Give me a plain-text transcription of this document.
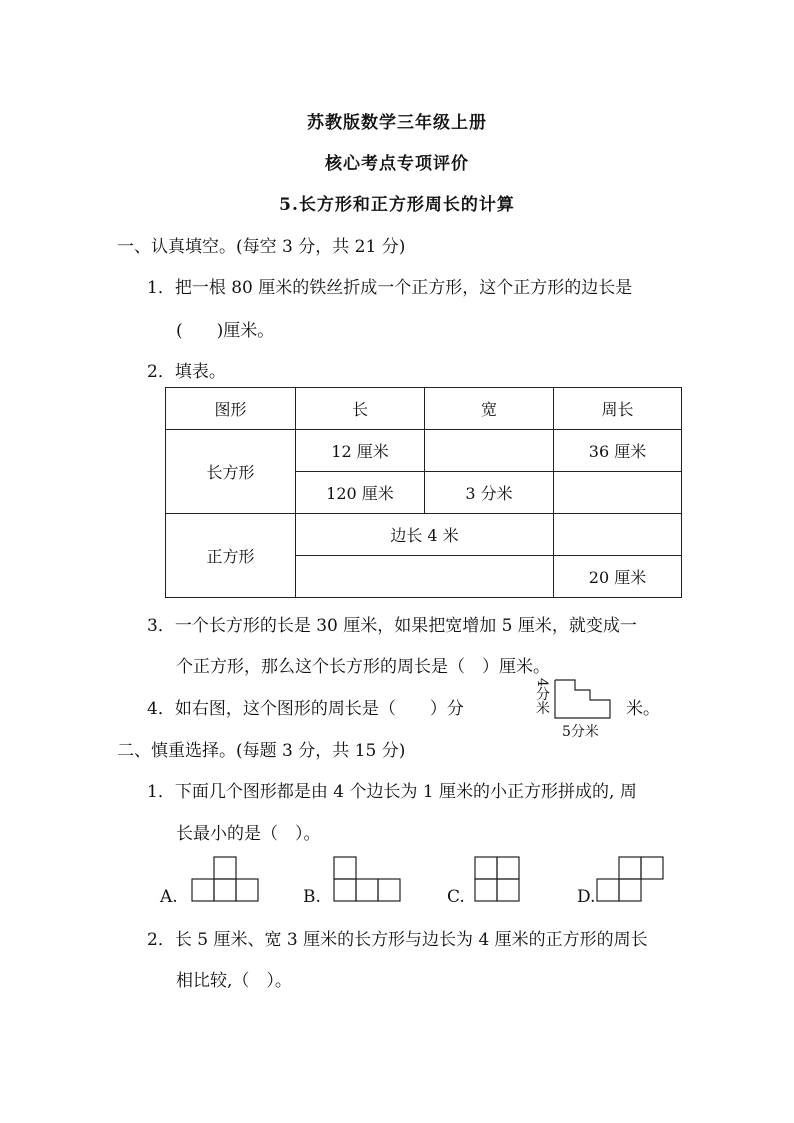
苏教版数学三年级上册
核心考点专项评价
5.长方形和正方形周长的计算
一、认真填空。(每空 3 分，共 21 分)
1．把一根 80 厘米的铁丝折成一个正方形，这个正方形的边长是
(　　)厘米。
2．填表。
图形	长	宽	周长
长方形	12 厘米		36 厘米
	120 厘米	3 分米	
正方形	边长 4 米		
			20 厘米
3．一个长方形的长是 30 厘米，如果把宽增加 5 厘米，就变成一
个正方形，那么这个长方形的周长是（　）厘米。
4．如右图，这个图形的周长是（　　）分	4分米
5分米
米。
二、慎重选择。(每题 3 分，共 15 分)
1．下面几个图形都是由 4 个边长为 1 厘米的小正方形拼成的, 周
长最小的是（　）。
A.	B.	C.	D.
2．长 5 厘米、宽 3 厘米的长方形与边长为 4 厘米的正方形的周长
相比较,（　）。
